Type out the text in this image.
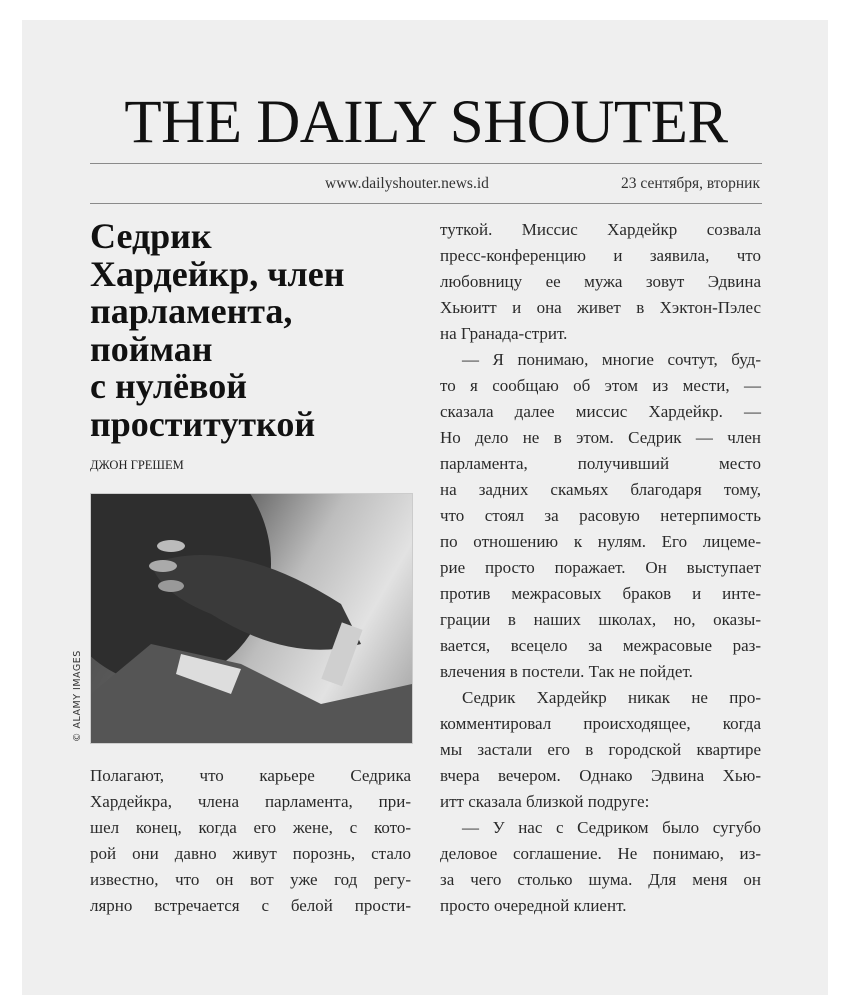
THE DAILY SHOUTER
www.dailyshouter.news.id	23 сентября, вторник
Седрик
Хардейкр, член
парламента,
пойман
с нулёвой
проституткой
ДЖОН ГРЕШЕМ
© ALAMY IMAGES
Полагают, что карьере Седрика
Хардейкра, члена парламента, при-
шел конец, когда его жене, с кото-
рой они давно живут порознь, стало
известно, что он вот уже год регу-
лярно встречается с белой прости-
туткой. Миссис Хардейкр созвала
пресс-конференцию и заявила, что
любовницу ее мужа зовут Эдвина
Хьюитт и она живет в Хэктон-Пэлес
на Гранада-стрит.
— Я понимаю, многие сочтут, буд-
то я сообщаю об этом из мести, —
сказала далее миссис Хардейкр. —
Но дело не в этом. Седрик — член
парламента, получивший место
на задних скамьях благодаря тому,
что стоял за расовую нетерпимость
по отношению к нулям. Его лицеме-
рие просто поражает. Он выступает
против межрасовых браков и инте-
грации в наших школах, но, оказы-
вается, всецело за межрасовые раз-
влечения в постели. Так не пойдет.
Седрик Хардейкр никак не про-
комментировал происходящее, когда
мы застали его в городской квартире
вчера вечером. Однако Эдвина Хью-
итт сказала близкой подруге:
— У нас с Седриком было сугубо
деловое соглашение. Не понимаю, из-
за чего столько шума. Для меня он
просто очередной клиент.
